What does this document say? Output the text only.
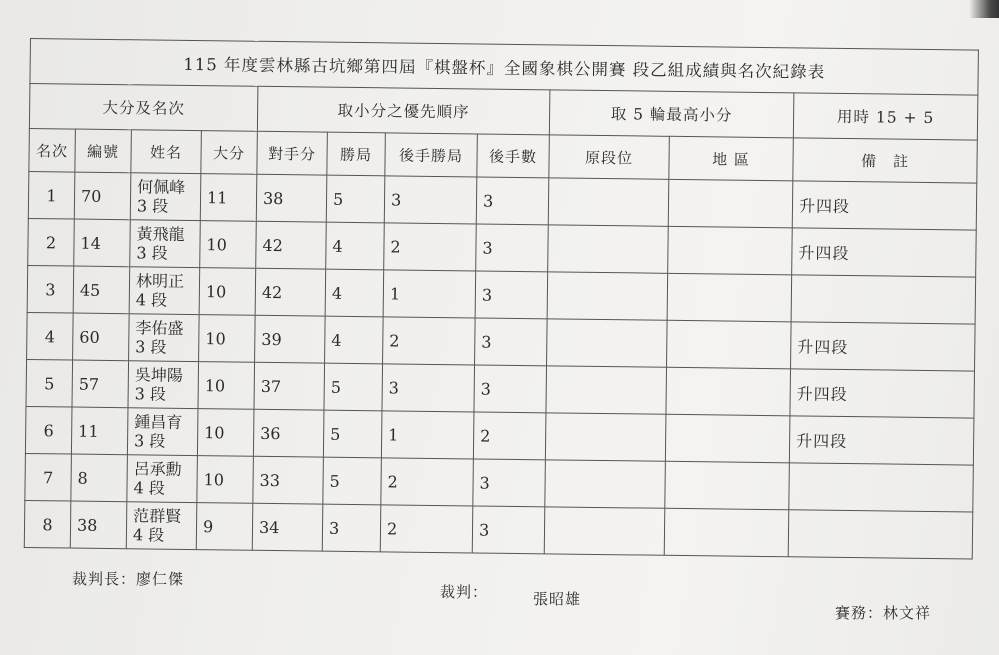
115 年度雲林縣古坑鄉第四屆『棋盤杯』全國象棋公開賽 段乙組成績與名次紀錄表										
大分及名次				取小分之優先順序				取 5 輪最高小分		用時 15 + 5
名次	編號	姓名	大分	對手分	勝局	後手勝局	後手數	原段位	地 區	備　註
1	70	何佩峰 3 段	11	38	5	3	3			升四段
2	14	黃飛龍 3 段	10	42	4	2	3			升四段
3	45	林明正 4 段	10	42	4	1	3			
4	60	李佑盛 3 段	10	39	4	2	3			升四段
5	57	吳坤陽 3 段	10	37	5	3	3			升四段
6	11	鍾昌育 3 段	10	36	5	1	2			升四段
7	8	呂承勳 4 段	10	33	5	2	3			
8	38	范群賢 4 段	9	34	3	2	3			
裁判長：廖仁傑
裁判：	張昭雄
賽務：林文祥
